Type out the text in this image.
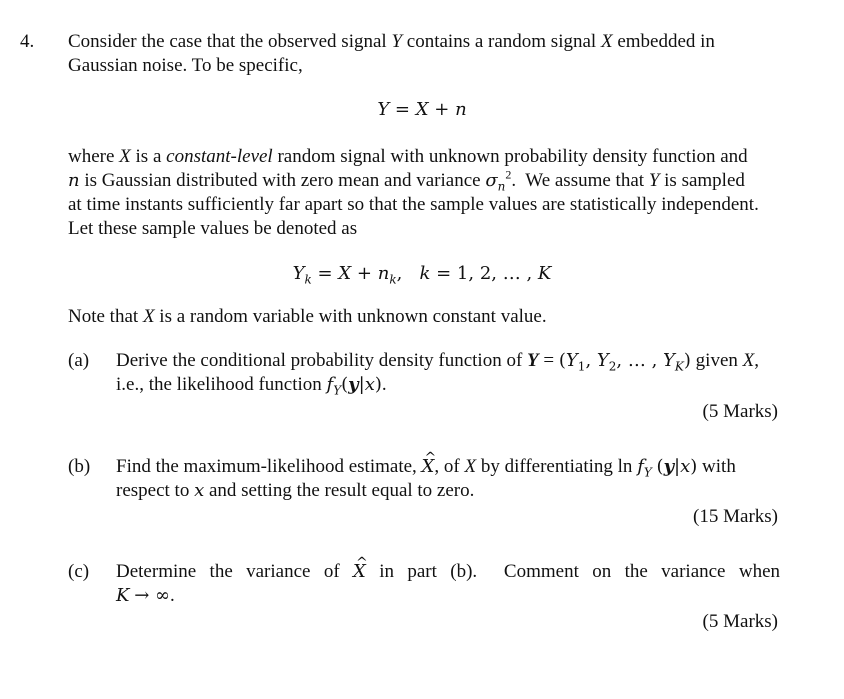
4. Consider the case that the observed signal Y contains a random signal X embedded in

Gaussian noise. To be specific,

Y = X + n

where X is a constant-level random signal with unknown probability density function and

n is Gaussian distributed with zero mean and variance $\sigma_n^2$.  We assume that Y is sampled

at time instants sufficiently far apart so that the sample values are statistically independent.

Let these sample values be denoted as

$Y_k = X + n_k$,   k = 1, 2, … , K

Note that X is a random variable with unknown constant value.

(a) Derive the conditional probability density function of $Y = (Y_1$, $Y_2$, … , $Y_K$) given X,

i.e., the likelihood function $f_Y(y|x)$.

(5 Marks)
(b) Find the maximum-likelihood estimate, ^ X, of X by differentiating $\ln f_Y$ (y|x) with

respect to x and setting the result equal to zero.

(15 Marks)
(c) Determine the variance of ^ X in part (b).  Comment on the variance when

K → ∞.

(5 Marks)
